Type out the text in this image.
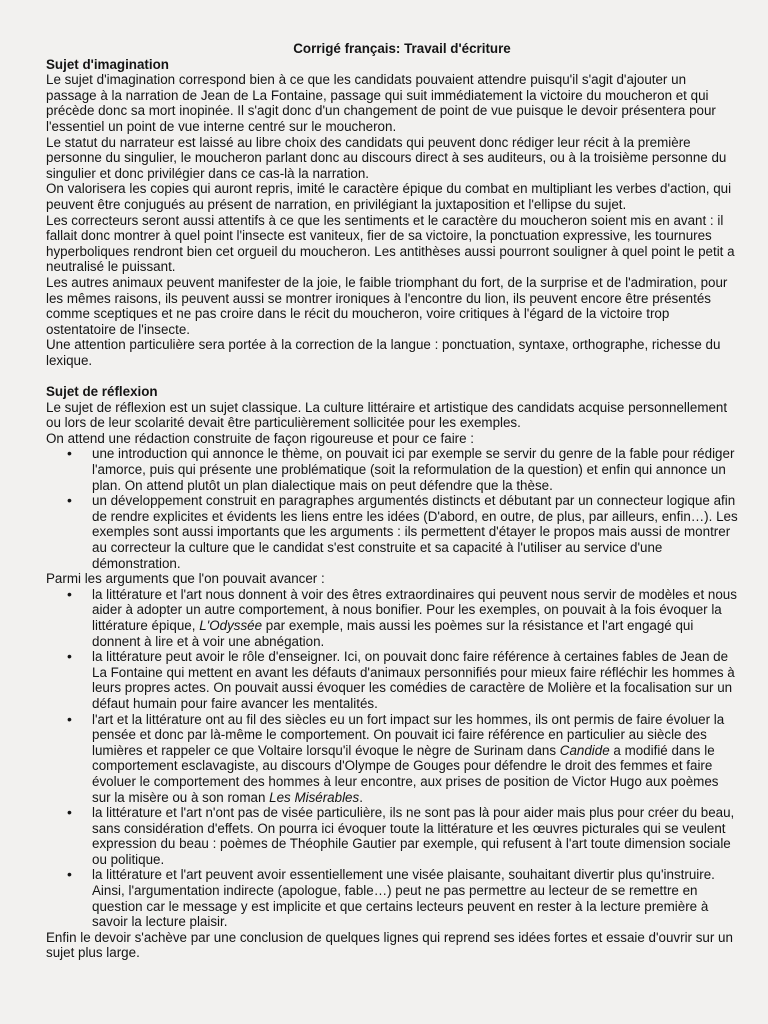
Corrigé français: Travail d'écriture

Sujet d'imagination

Le sujet d'imagination correspond bien à ce que les candidats pouvaient attendre puisqu'il s'agit d'ajouter un passage à la narration de Jean de La Fontaine, passage qui suit immédiatement la victoire du moucheron et qui précède donc sa mort inopinée. Il s'agit donc d'un changement de point de vue puisque le devoir présentera pour l'essentiel un point de vue interne centré sur le moucheron.

Le statut du narrateur est laissé au libre choix des candidats qui peuvent donc rédiger leur récit à la première personne du singulier, le moucheron parlant donc au discours direct à ses auditeurs, ou à la troisième personne du singulier et donc privilégier dans ce cas-là la narration.

On valorisera les copies qui auront repris, imité le caractère épique du combat en multipliant les verbes d'action, qui peuvent être conjugués au présent de narration, en privilégiant la juxtaposition et l'ellipse du sujet.

Les correcteurs seront aussi attentifs à ce que les sentiments et le caractère du moucheron soient mis en avant : il fallait donc montrer à quel point l'insecte est vaniteux, fier de sa victoire, la ponctuation expressive, les tournures hyperboliques rendront bien cet orgueil du moucheron. Les antithèses aussi pourront souligner à quel point le petit a neutralisé le puissant.

Les autres animaux peuvent manifester de la joie, le faible triomphant du fort, de la surprise et de l'admiration, pour les mêmes raisons, ils peuvent aussi se montrer ironiques à l'encontre du lion, ils peuvent encore être présentés comme sceptiques et ne pas croire dans le récit du moucheron, voire critiques à l'égard de la victoire trop ostentatoire de l'insecte.

Une attention particulière sera portée à la correction de la langue : ponctuation, syntaxe, orthographe, richesse du lexique.

Sujet de réflexion

Le sujet de réflexion est un sujet classique. La culture littéraire et artistique des candidats acquise personnellement ou lors de leur scolarité devait être particulièrement sollicitée pour les exemples.

On attend une rédaction construite de façon rigoureuse et pour ce faire :

• une introduction qui annonce le thème, on pouvait ici par exemple se servir du genre de la fable pour rédiger l'amorce, puis qui présente une problématique (soit la reformulation de la question) et enfin qui annonce un plan. On attend plutôt un plan dialectique mais on peut défendre que la thèse.
• un développement construit en paragraphes argumentés distincts et débutant par un connecteur logique afin de rendre explicites et évidents les liens entre les idées (D'abord, en outre, de plus, par ailleurs, enfin…). Les exemples sont aussi importants que les arguments : ils permettent d'étayer le propos mais aussi de montrer au correcteur la culture que le candidat s'est construite et sa capacité à l'utiliser au service d'une démonstration.

Parmi les arguments que l'on pouvait avancer :

• la littérature et l'art nous donnent à voir des êtres extraordinaires qui peuvent nous servir de modèles et nous aider à adopter un autre comportement, à nous bonifier. Pour les exemples, on pouvait à la fois évoquer la littérature épique, L'Odyssée par exemple, mais aussi les poèmes sur la résistance et l'art engagé qui donnent à lire et à voir une abnégation.
• la littérature peut avoir le rôle d'enseigner. Ici, on pouvait donc faire référence à certaines fables de Jean de La Fontaine qui mettent en avant les défauts d'animaux personnifiés pour mieux faire réfléchir les hommes à leurs propres actes. On pouvait aussi évoquer les comédies de caractère de Molière et la focalisation sur un défaut humain pour faire avancer les mentalités.
• l'art et la littérature ont au fil des siècles eu un fort impact sur les hommes, ils ont permis de faire évoluer la pensée et donc par là-même le comportement. On pouvait ici faire référence en particulier au siècle des lumières et rappeler ce que Voltaire lorsqu'il évoque le nègre de Surinam dans Candide a modifié dans le comportement esclavagiste, au discours d'Olympe de Gouges pour défendre le droit des femmes et faire évoluer le comportement des hommes à leur encontre, aux prises de position de Victor Hugo aux poèmes sur la misère ou à son roman Les Misérables.
• la littérature et l'art n'ont pas de visée particulière, ils ne sont pas là pour aider mais plus pour créer du beau, sans considération d'effets. On pourra ici évoquer toute la littérature et les œuvres picturales qui se veulent expression du beau : poèmes de Théophile Gautier par exemple, qui refusent à l'art toute dimension sociale ou politique.
• la littérature et l'art peuvent avoir essentiellement une visée plaisante, souhaitant divertir plus qu'instruire. Ainsi, l'argumentation indirecte (apologue, fable…) peut ne pas permettre au lecteur de se remettre en question car le message y est implicite et que certains lecteurs peuvent en rester à la lecture première à savoir la lecture plaisir.

Enfin le devoir s'achève par une conclusion de quelques lignes qui reprend ses idées fortes et essaie d'ouvrir sur un sujet plus large.
